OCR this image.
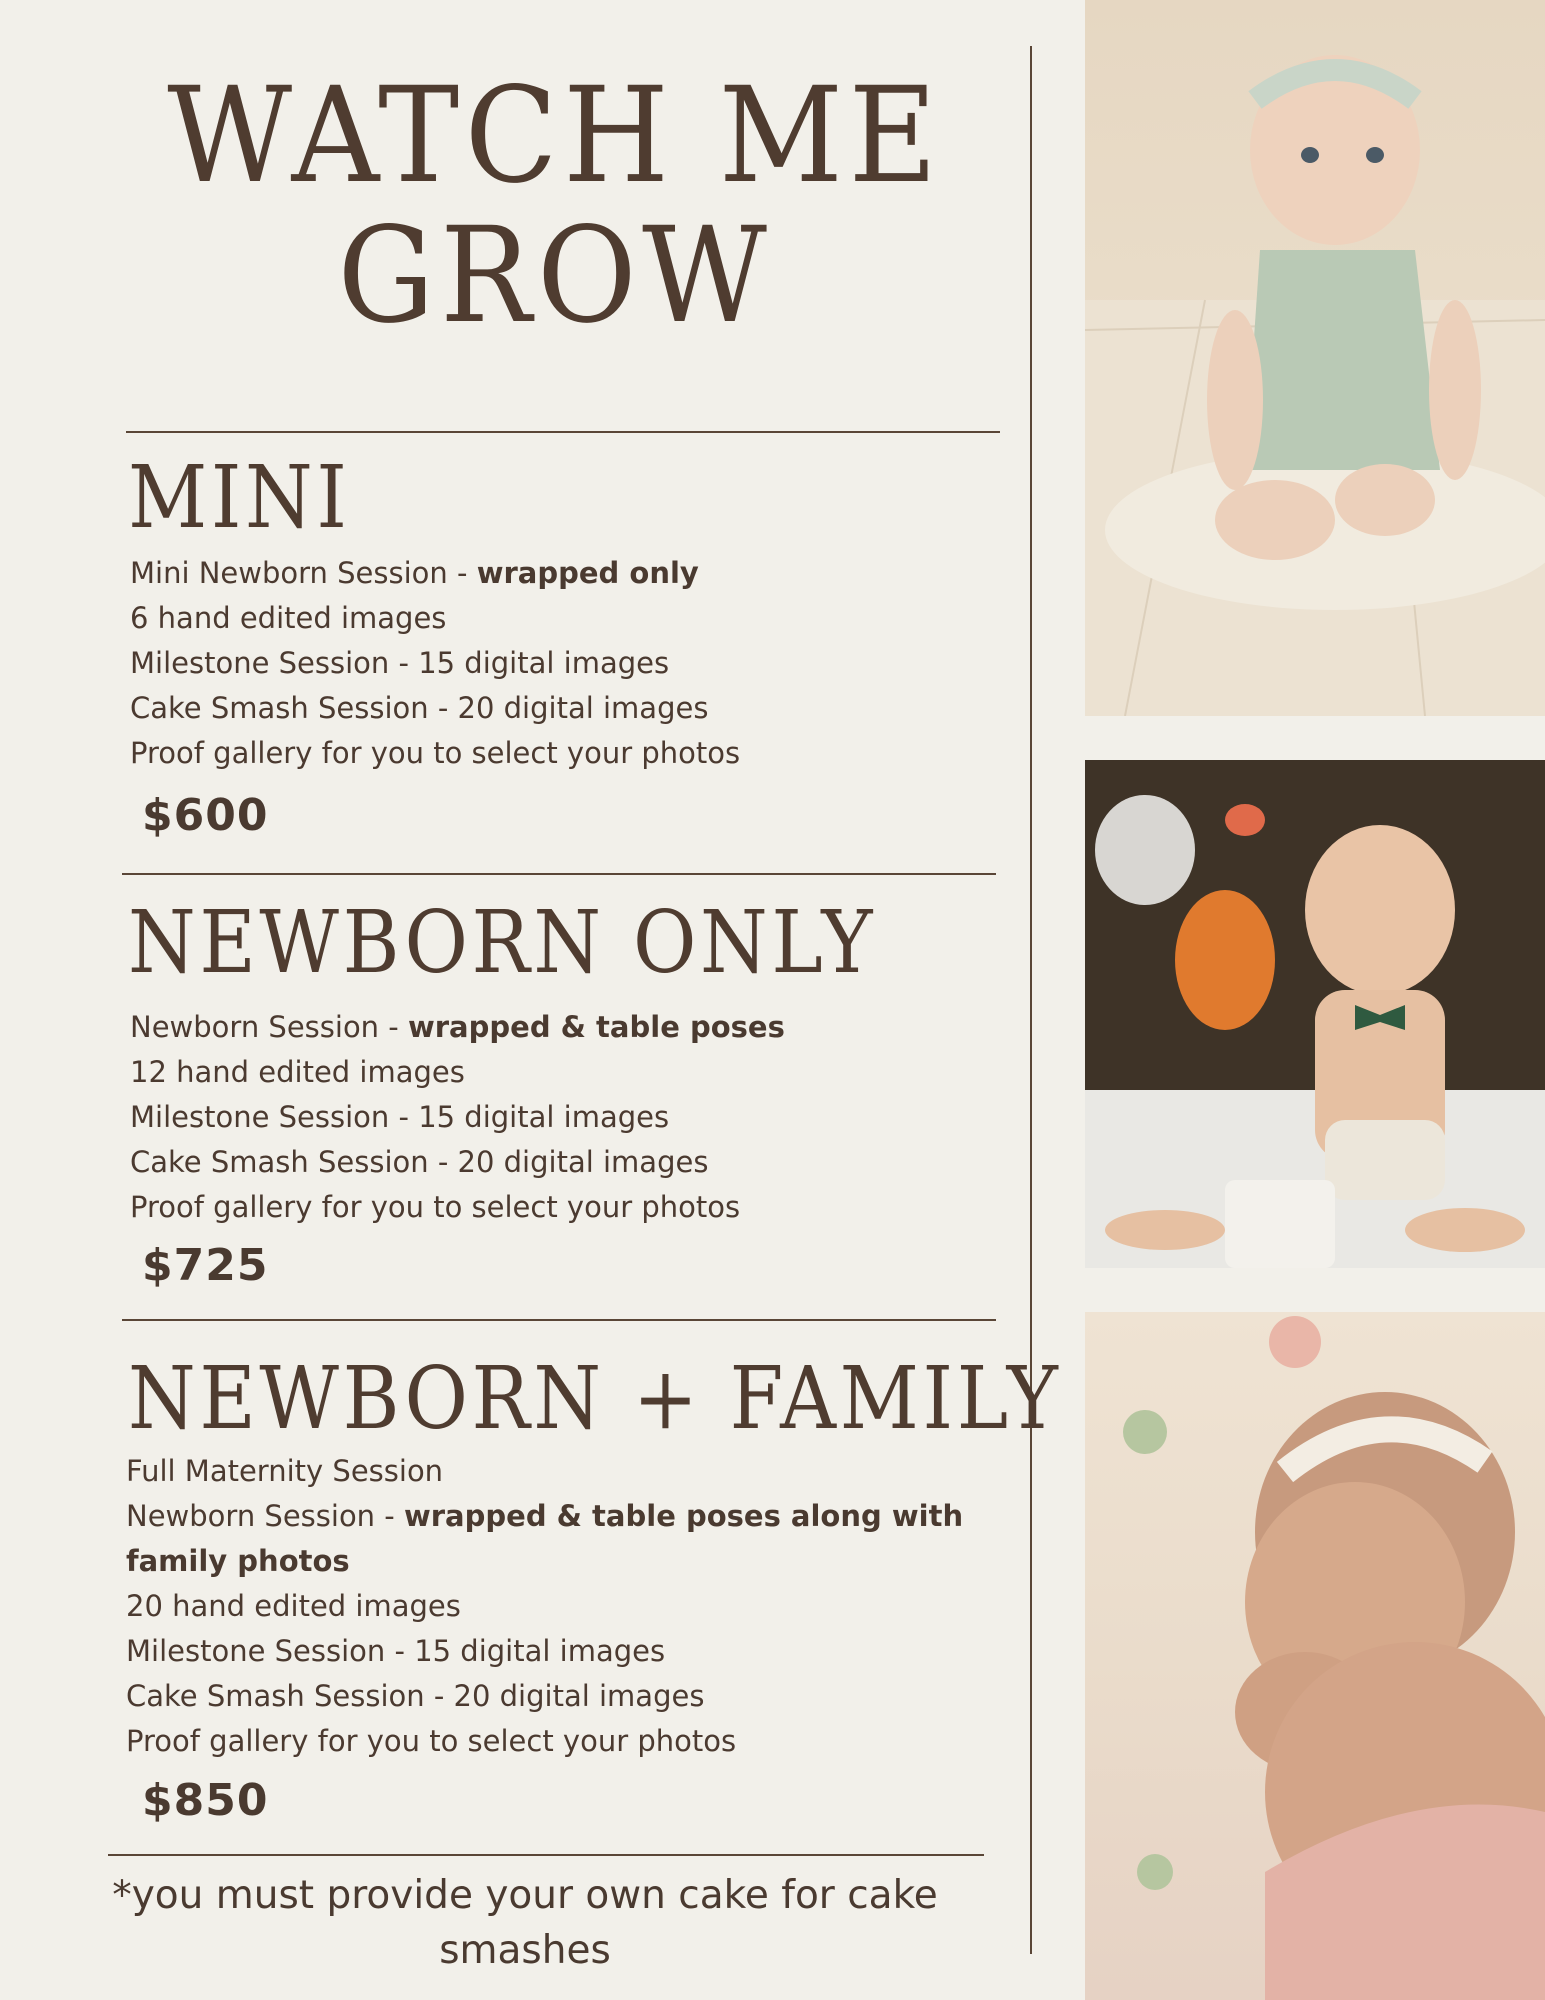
WATCH ME
GROW
MINI
Mini Newborn Session - wrapped only
6 hand edited images
Milestone Session - 15 digital images
Cake Smash Session - 20 digital images
Proof gallery for you to select your photos
$600
NEWBORN ONLY
Newborn Session - wrapped & table poses
12 hand edited images
Milestone Session - 15 digital images
Cake Smash Session - 20 digital images
Proof gallery for you to select your photos
$725
NEWBORN + FAMILY
Full Maternity Session
Newborn Session - wrapped & table poses along with
family photos
20 hand edited images
Milestone Session - 15 digital images
Cake Smash Session - 20 digital images
Proof gallery for you to select your photos
$850
*you must provide your own cake for cake smashes
